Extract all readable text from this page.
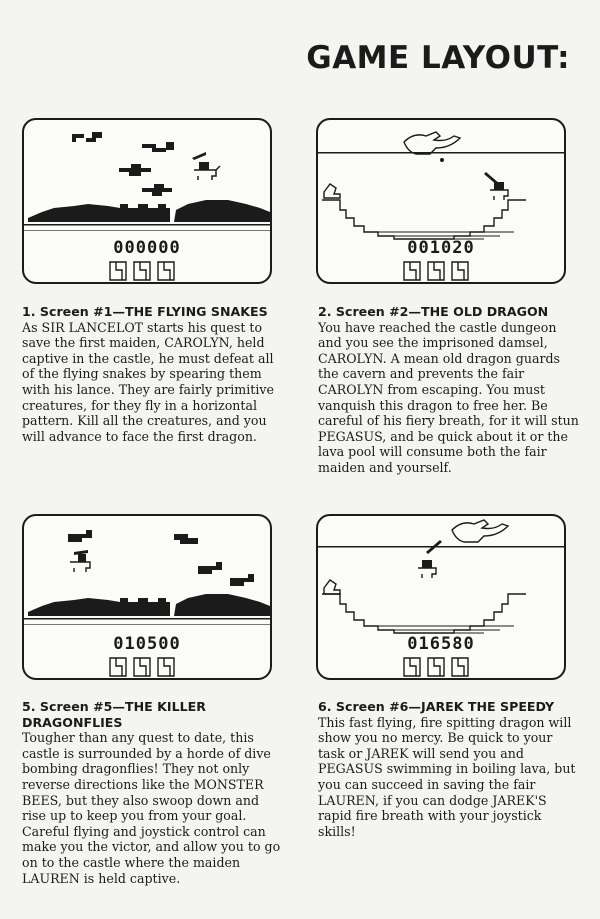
GAME LAYOUT:
000000
1. Screen #1—THE FLYING SNAKES
As SIR LANCELOT starts his quest to save the first maiden, CAROLYN, held captive in the castle, he must defeat all of the flying snakes by spearing them with his lance. They are fairly primitive creatures, for they fly in a horizontal pattern. Kill all the creatures, and you will advance to face the first dragon.
001020
2. Screen #2—THE OLD DRAGON
You have reached the castle dungeon and you see the imprisoned damsel, CAROLYN. A mean old dragon guards the cavern and prevents the fair CAROLYN from escaping. You must vanquish this dragon to free her. Be careful of his fiery breath, for it will stun PEGASUS, and be quick about it or the lava pool will consume both the fair maiden and yourself.
010500
5. Screen #5—THE KILLER DRAGONFLIES
Tougher than any quest to date, this castle is surrounded by a horde of dive bombing dragonflies! They not only reverse directions like the MONSTER BEES, but they also swoop down and rise up to keep you from your goal. Careful flying and joystick control can make you the victor, and allow you to go on to the castle where the maiden LAUREN is held captive.
016580
6. Screen #6—JAREK THE SPEEDY
This fast flying, fire spitting dragon will show you no mercy. Be quick to your task or JAREK will send you and PEGASUS swimming in boiling lava, but you can succeed in saving the fair LAUREN, if you can dodge JAREK'S rapid fire breath with your joystick skills!
